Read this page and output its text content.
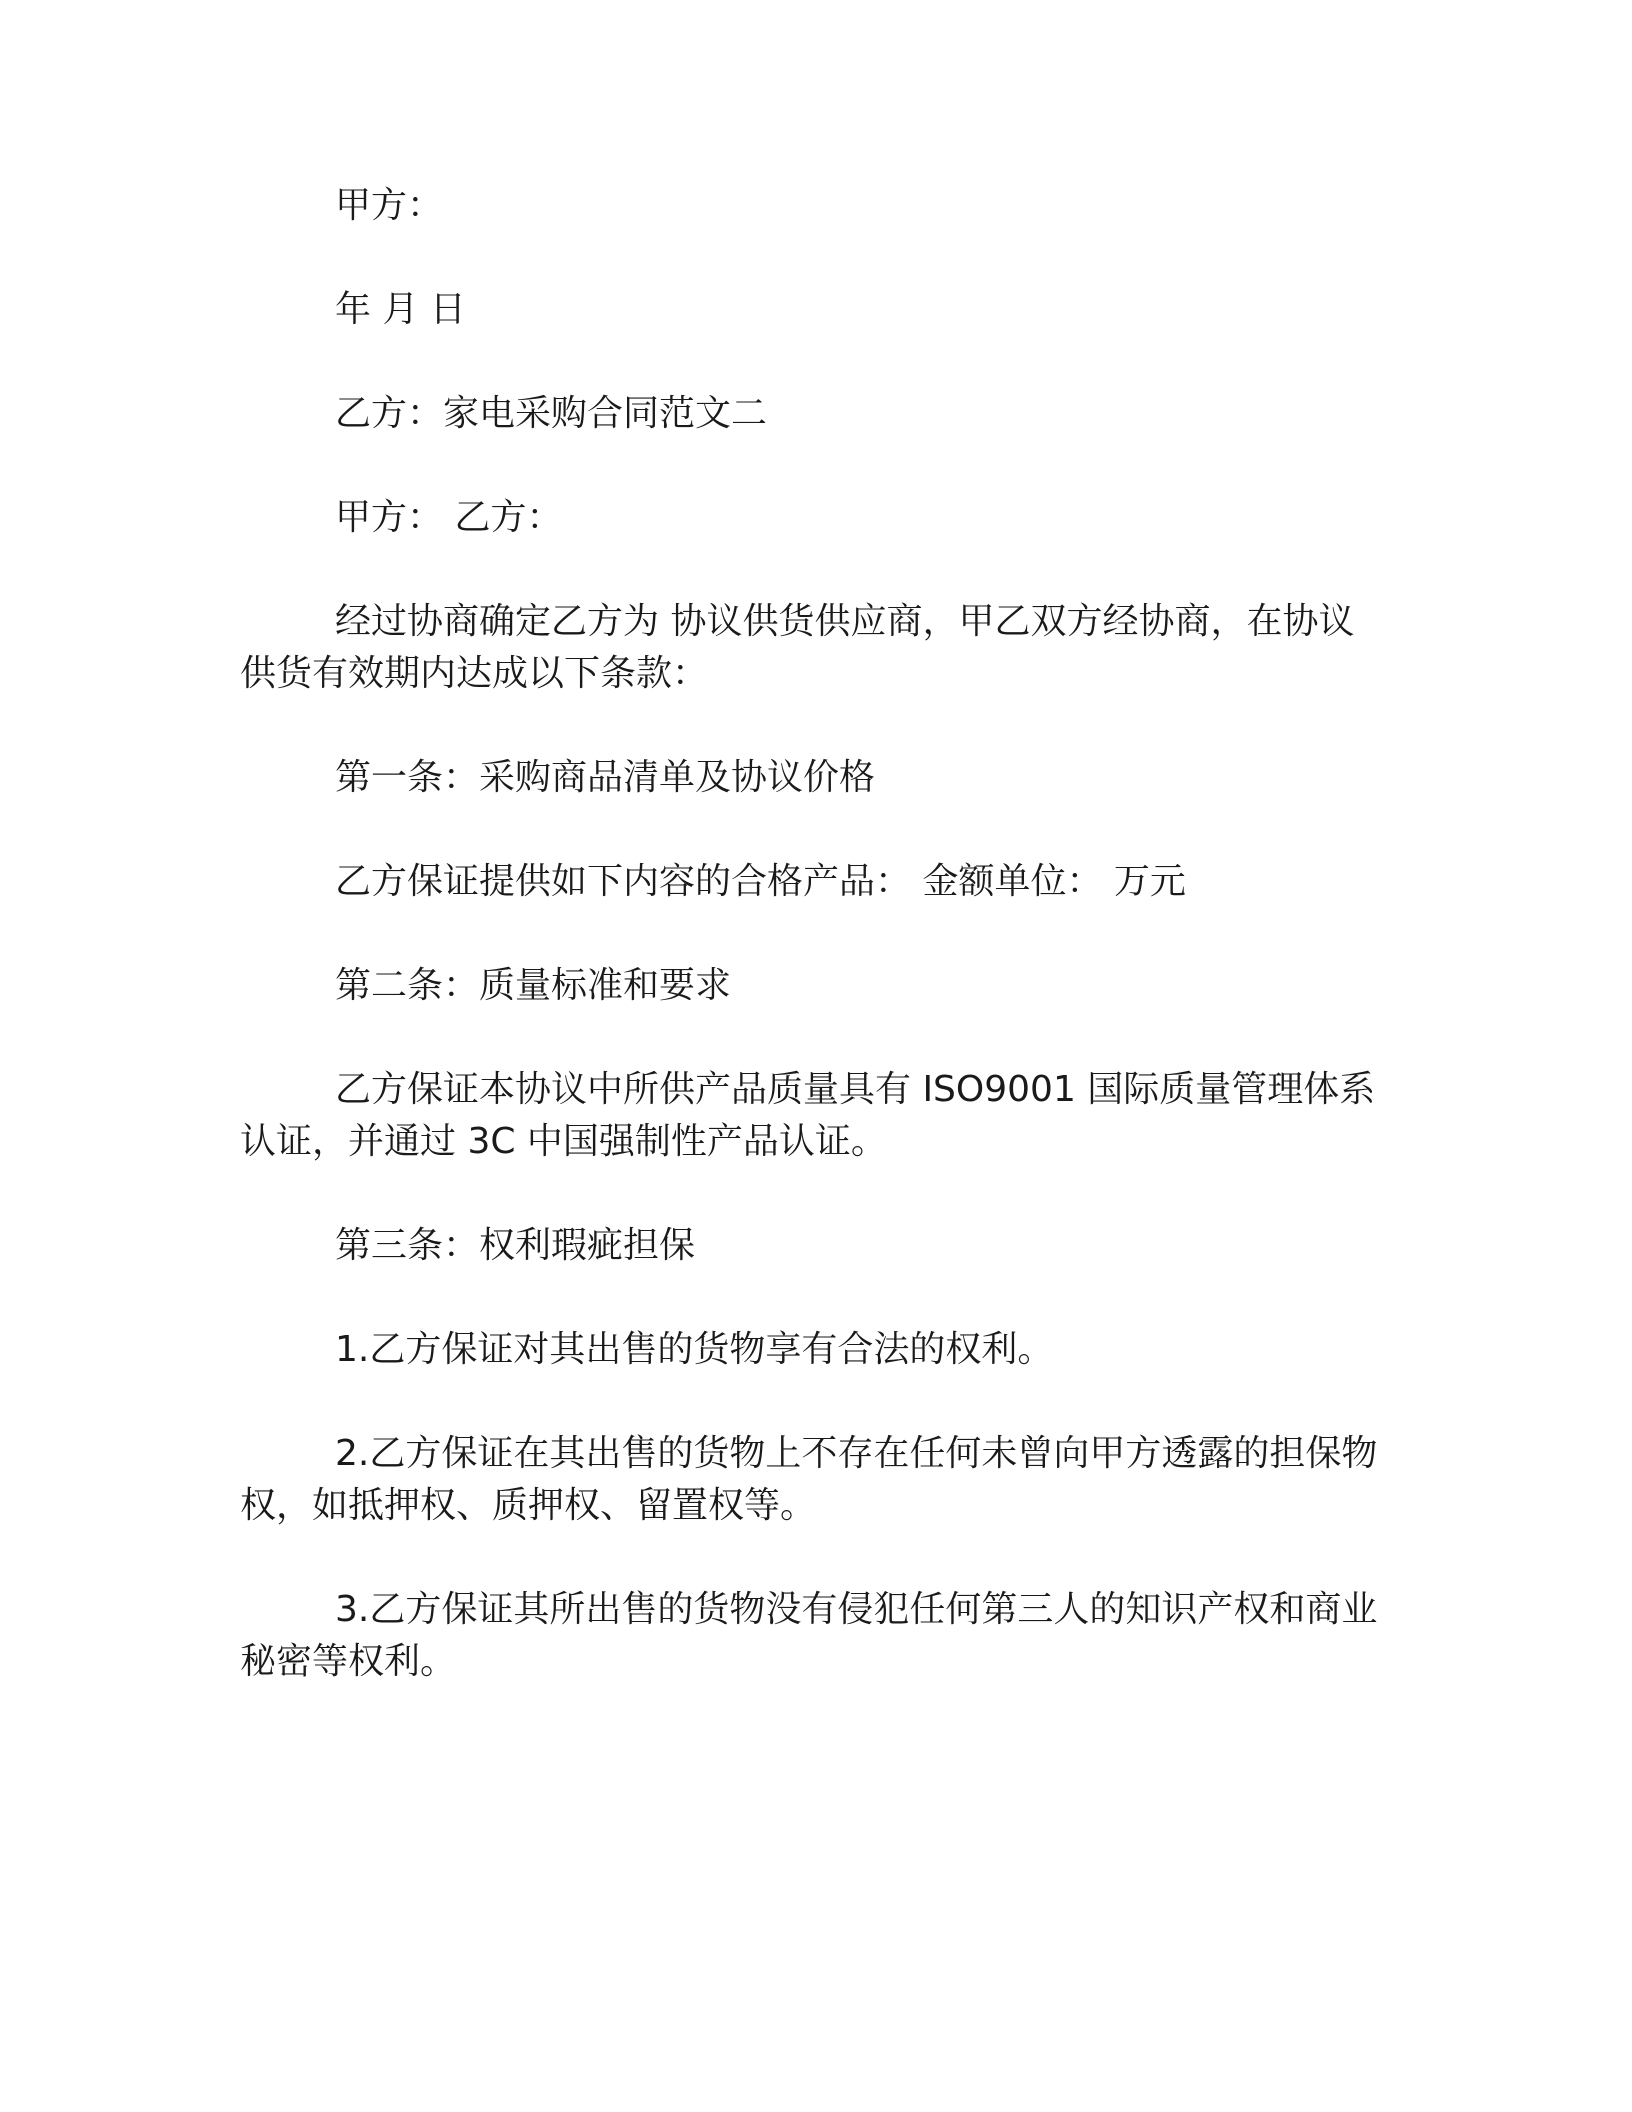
甲方：

年 月 日

乙方：家电采购合同范文二

甲方： 乙方：

经过协商确定乙方为 协议供货供应商，甲乙双方经协商，在协议供货有效期内达成以下条款：

第一条：采购商品清单及协议价格

乙方保证提供如下内容的合格产品： 金额单位： 万元

第二条：质量标准和要求

乙方保证本协议中所供产品质量具有 ISO9001 国际质量管理体系认证，并通过 3C 中国强制性产品认证。

第三条：权利瑕疵担保

1.乙方保证对其出售的货物享有合法的权利。

2.乙方保证在其出售的货物上不存在任何未曾向甲方透露的担保物权，如抵押权、质押权、留置权等。

3.乙方保证其所出售的货物没有侵犯任何第三人的知识产权和商业秘密等权利。
